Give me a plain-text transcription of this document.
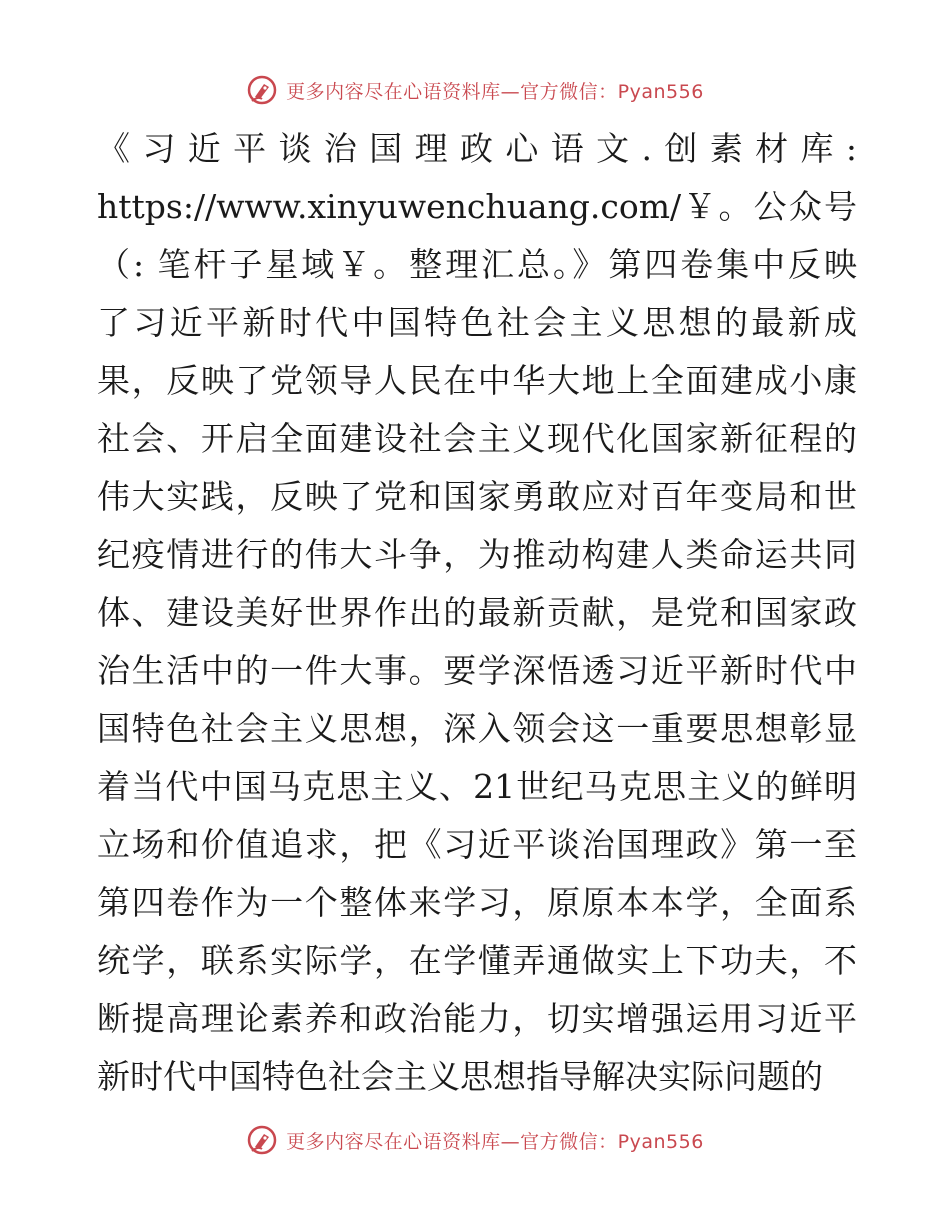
更多内容尽在心语资料库—官方微信：Pyan556
《习近平谈治国理政心语文.创素材库:
https://www.xinyuwenchuang.com/￥。公众号
（: 笔杆子星域￥。整理汇总。》第四卷集中反映
了习近平新时代中国特色社会主义思想的最新成
果，反映了党领导人民在中华大地上全面建成小康
社会、开启全面建设社会主义现代化国家新征程的
伟大实践，反映了党和国家勇敢应对百年变局和世
纪疫情进行的伟大斗争，为推动构建人类命运共同
体、建设美好世界作出的最新贡献，是党和国家政
治生活中的一件大事。要学深悟透习近平新时代中
国特色社会主义思想，深入领会这一重要思想彰显
着当代中国马克思主义、21世纪马克思主义的鲜明
立场和价值追求，把《习近平谈治国理政》第一至
第四卷作为一个整体来学习，原原本本学，全面系
统学，联系实际学，在学懂弄通做实上下功夫，不
断提高理论素养和政治能力，切实增强运用习近平
新时代中国特色社会主义思想指导解决实际问题的
更多内容尽在心语资料库—官方微信：Pyan556
